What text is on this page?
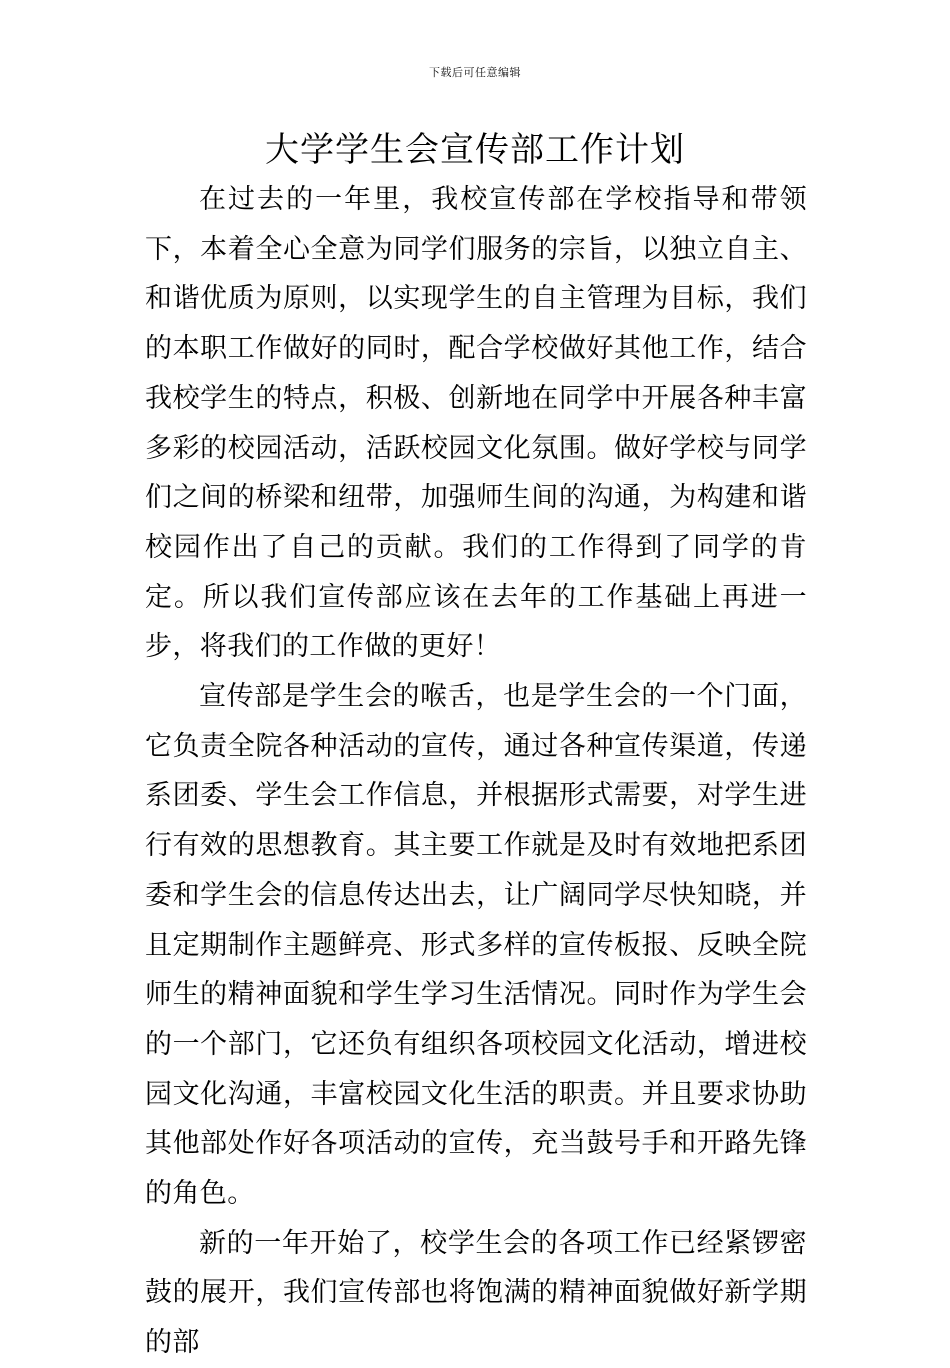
下载后可任意编辑
大学学生会宣传部工作计划

在过去的一年里，我校宣传部在学校指导和带领下，本着全心全意为同学们服务的宗旨，以独立自主、和谐优质为原则，以实现学生的自主管理为目标，我们的本职工作做好的同时，配合学校做好其他工作，结合我校学生的特点，积极、创新地在同学中开展各种丰富多彩的校园活动，活跃校园文化氛围。做好学校与同学们之间的桥梁和纽带，加强师生间的沟通，为构建和谐校园作出了自己的贡献。我们的工作得到了同学的肯定。所以我们宣传部应该在去年的工作基础上再进一步，将我们的工作做的更好！

宣传部是学生会的喉舌，也是学生会的一个门面，它负责全院各种活动的宣传，通过各种宣传渠道，传递系团委、学生会工作信息，并根据形式需要，对学生进行有效的思想教育。其主要工作就是及时有效地把系团委和学生会的信息传达出去，让广阔同学尽快知晓，并且定期制作主题鲜亮、形式多样的宣传板报、反映全院师生的精神面貌和学生学习生活情况。同时作为学生会的一个部门，它还负有组织各项校园文化活动，增进校园文化沟通，丰富校园文化生活的职责。并且要求协助其他部处作好各项活动的宣传，充当鼓号手和开路先锋的角色。

新的一年开始了，校学生会的各项工作已经紧锣密鼓的展开，我们宣传部也将饱满的精神面貌做好新学期的部
